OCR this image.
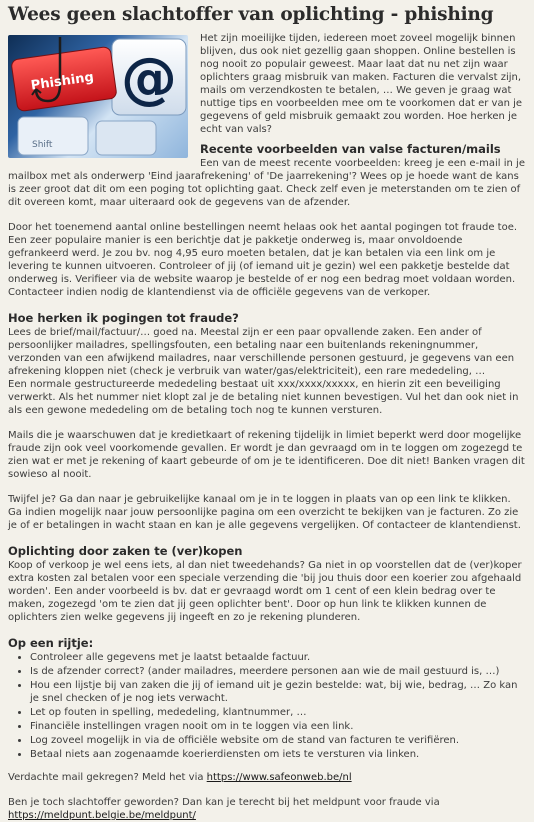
Wees geen slachtoffer van oplichting - phishing
Phishing @
Shift

Het zijn moeilijke tijden, iedereen moet zoveel mogelijk binnen blijven, dus ook niet gezellig gaan shoppen. Online bestellen is nog nooit zo populair geweest. Maar laat dat nu net zijn waar oplichters graag misbruik van maken. Facturen die vervalst zijn, mails om verzendkosten te betalen, … We geven je graag wat nuttige tips en voorbeelden mee om te voorkomen dat er van je gegevens of geld misbruik gemaakt zou worden. Hoe herken je echt van vals?

Recente voorbeelden van valse facturen/mails

Een van de meest recente voorbeelden: kreeg je een e-mail in je mailbox met als onderwerp 'Eind jaarafrekening' of 'De jaarrekening'? Wees op je hoede want de kans is zeer groot dat dit om een poging tot oplichting gaat. Check zelf even je meterstanden om te zien of dit overeen komt, maar uiteraard ook de gegevens van de afzender.

Door het toenemend aantal online bestellingen neemt helaas ook het aantal pogingen tot fraude toe. Een zeer populaire manier is een berichtje dat je pakketje onderweg is, maar onvoldoende gefrankeerd werd. Je zou bv. nog 4,95 euro moeten betalen, dat je kan betalen via een link om je levering te kunnen uitvoeren. Controleer of jij (of iemand uit je gezin) wel een pakketje bestelde dat onderweg is. Verifieer via de website waarop je bestelde of er nog een bedrag moet voldaan worden. Contacteer indien nodig de klantendienst via de officiële gegevens van de verkoper.

Hoe herken ik pogingen tot fraude?

Lees de brief/mail/factuur/… goed na. Meestal zijn er een paar opvallende zaken. Een ander of persoonlijker mailadres, spellingsfouten, een betaling naar een buitenlands rekeningnummer, verzonden van een afwijkend mailadres, naar verschillende personen gestuurd, je gegevens van een afrekening kloppen niet (check je verbruik van water/gas/elektriciteit), een rare mededeling, …

Een normale gestructureerde mededeling bestaat uit xxx/xxxx/xxxxx, en hierin zit een beveiliging verwerkt. Als het nummer niet klopt zal je de betaling niet kunnen bevestigen. Vul het dan ook niet in als een gewone mededeling om de betaling toch nog te kunnen versturen.

Mails die je waarschuwen dat je kredietkaart of rekening tijdelijk in limiet beperkt werd door mogelijke fraude zijn ook veel voorkomende gevallen. Er wordt je dan gevraagd om in te loggen om zogezegd te zien wat er met je rekening of kaart gebeurde of om je te identificeren. Doe dit niet! Banken vragen dit sowieso al nooit.

Twijfel je? Ga dan naar je gebruikelijke kanaal om je in te loggen in plaats van op een link te klikken. Ga indien mogelijk naar jouw persoonlijke pagina om een overzicht te bekijken van je facturen. Zo zie je of er betalingen in wacht staan en kan je alle gegevens vergelijken. Of contacteer de klantendienst.

Oplichting door zaken te (ver)kopen

Koop of verkoop je wel eens iets, al dan niet tweedehands? Ga niet in op voorstellen dat de (ver)koper extra kosten zal betalen voor een speciale verzending die 'bij jou thuis door een koerier zou afgehaald worden'. Een ander voorbeeld is bv. dat er gevraagd wordt om 1 cent of een klein bedrag over te maken, zogezegd 'om te zien dat jij geen oplichter bent'. Door op hun link te klikken kunnen de oplichters zien welke gegevens jij ingeeft en zo je rekening plunderen.

Op een rijtje:
• Controleer alle gegevens met je laatst betaalde factuur.
• Is de afzender correct? (ander mailadres, meerdere personen aan wie de mail gestuurd is, …)
• Hou een lijstje bij van zaken die jij of iemand uit je gezin bestelde: wat, bij wie, bedrag, … Zo kan je snel checken of je nog iets verwacht.
• Let op fouten in spelling, mededeling, klantnummer, …
• Financiële instellingen vragen nooit om in te loggen via een link.
• Log zoveel mogelijk in via de officiële website om de stand van facturen te verifiëren.
• Betaal niets aan zogenaamde koerierdiensten om iets te versturen via linken.

Verdachte mail gekregen? Meld het via https://www.safeonweb.be/nl

Ben je toch slachtoffer geworden? Dan kan je terecht bij het meldpunt voor fraude via
https://meldpunt.belgie.be/meldpunt/
